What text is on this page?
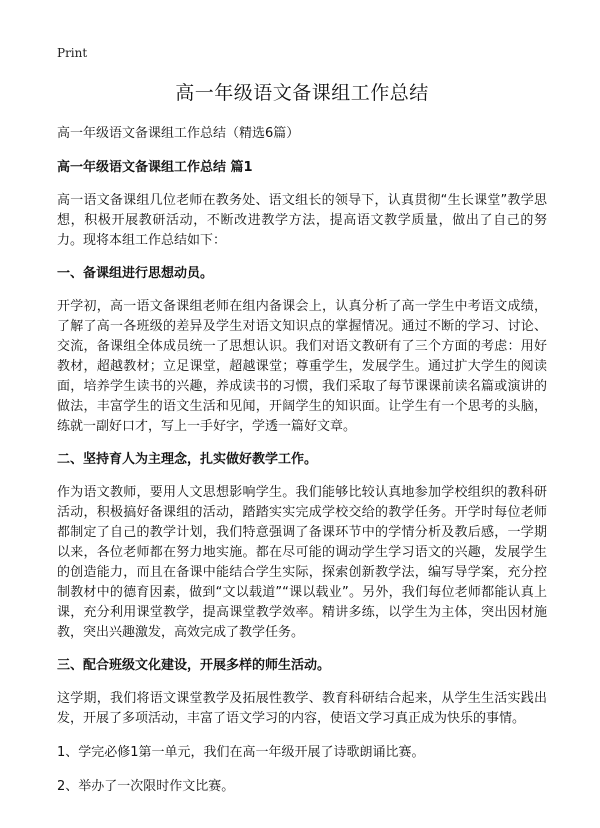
Print
高一年级语文备课组工作总结
高一年级语文备课组工作总结（精选6篇）
高一年级语文备课组工作总结 篇1
高一语文备课组几位老师在教务处、语文组长的领导下，认真贯彻“生长课堂”教学思想，积极开展教研活动，不断改进教学方法，提高语文教学质量，做出了自己的努力。现将本组工作总结如下：
一、备课组进行思想动员。
开学初，高一语文备课组老师在组内备课会上，认真分析了高一学生中考语文成绩，了解了高一各班级的差异及学生对语文知识点的掌握情况。通过不断的学习、讨论、交流，备课组全体成员统一了思想认识。我们对语文教研有了三个方面的考虑：用好教材，超越教材；立足课堂，超越课堂；尊重学生，发展学生。通过扩大学生的阅读面，培养学生读书的兴趣，养成读书的习惯，我们采取了每节课课前读名篇或演讲的做法，丰富学生的语文生活和见闻，开阔学生的知识面。让学生有一个思考的头脑，练就一副好口才，写上一手好字，学透一篇好文章。
二、坚持育人为主理念，扎实做好教学工作。
作为语文教师，要用人文思想影响学生。我们能够比较认真地参加学校组织的教科研活动，积极搞好备课组的活动，踏踏实实完成学校交给的教学任务。开学时每位老师都制定了自己的教学计划，我们特意强调了备课环节中的学情分析及教后感，一学期以来，各位老师都在努力地实施。都在尽可能的调动学生学习语文的兴趣，发展学生的创造能力，而且在备课中能结合学生实际，探索创新教学法，编写导学案，充分控制教材中的德育因素，做到“文以载道”“课以载业”。另外，我们每位老师都能认真上课，充分利用课堂教学，提高课堂教学效率。精讲多练，以学生为主体，突出因材施教，突出兴趣激发，高效完成了教学任务。
三、配合班级文化建设，开展多样的师生活动。
这学期，我们将语文课堂教学及拓展性教学、教育科研结合起来，从学生生活实践出发，开展了多项活动，丰富了语文学习的内容，使语文学习真正成为快乐的事情。
1、学完必修1第一单元，我们在高一年级开展了诗歌朗诵比赛。
2、举办了一次限时作文比赛。
